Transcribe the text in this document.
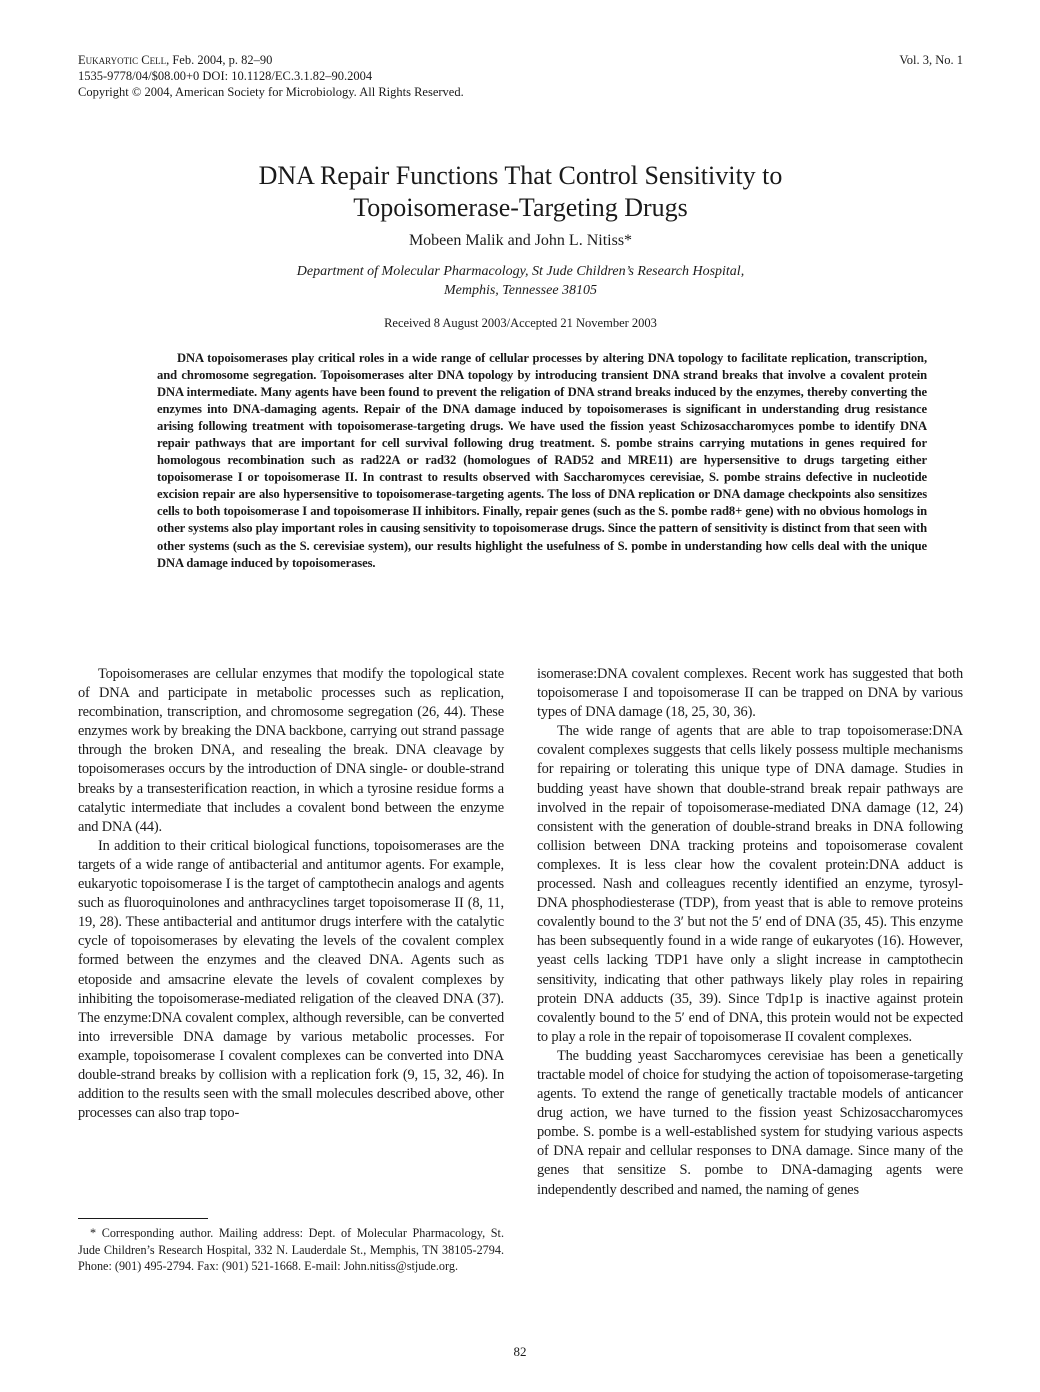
Eukaryotic Cell, Feb. 2004, p. 82–90
1535-9778/04/$08.00+0 DOI: 10.1128/EC.3.1.82–90.2004
Copyright © 2004, American Society for Microbiology. All Rights Reserved.
Vol. 3, No. 1
DNA Repair Functions That Control Sensitivity to
Topoisomerase-Targeting Drugs
Mobeen Malik and John L. Nitiss*
Department of Molecular Pharmacology, St Jude Children’s Research Hospital,
Memphis, Tennessee 38105
Received 8 August 2003/Accepted 21 November 2003

DNA topoisomerases play critical roles in a wide range of cellular processes by altering DNA topology to facilitate replication, transcription, and chromosome segregation. Topoisomerases alter DNA topology by introducing transient DNA strand breaks that involve a covalent protein DNA intermediate. Many agents have been found to prevent the religation of DNA strand breaks induced by the enzymes, thereby converting the enzymes into DNA-damaging agents. Repair of the DNA damage induced by topoisomerases is significant in understanding drug resistance arising following treatment with topoisomerase-targeting drugs. We have used the fission yeast Schizosaccharomyces pombe to identify DNA repair pathways that are important for cell survival following drug treatment. S. pombe strains carrying mutations in genes required for homologous recombination such as rad22A or rad32 (homologues of RAD52 and MRE11) are hypersensitive to drugs targeting either topoisomerase I or topoisomerase II. In contrast to results observed with Saccharomyces cerevisiae, S. pombe strains defective in nucleotide excision repair are also hypersensitive to topoisomerase-targeting agents. The loss of DNA replication or DNA damage checkpoints also sensitizes cells to both topoisomerase I and topoisomerase II inhibitors. Finally, repair genes (such as the S. pombe rad8+ gene) with no obvious homologs in other systems also play important roles in causing sensitivity to topoisomerase drugs. Since the pattern of sensitivity is distinct from that seen with other systems (such as the S. cerevisiae system), our results highlight the usefulness of S. pombe in understanding how cells deal with the unique DNA damage induced by topoisomerases.

Topoisomerases are cellular enzymes that modify the topological state of DNA and participate in metabolic processes such as replication, recombination, transcription, and chromosome segregation (26, 44). These enzymes work by breaking the DNA backbone, carrying out strand passage through the broken DNA, and resealing the break. DNA cleavage by topoisomerases occurs by the introduction of DNA single- or double-strand breaks by a transesterification reaction, in which a tyrosine residue forms a catalytic intermediate that includes a covalent bond between the enzyme and DNA (44).

In addition to their critical biological functions, topoisomerases are the targets of a wide range of antibacterial and antitumor agents. For example, eukaryotic topoisomerase I is the target of camptothecin analogs and agents such as fluoroquinolones and anthracyclines target topoisomerase II (8, 11, 19, 28). These antibacterial and antitumor drugs interfere with the catalytic cycle of topoisomerases by elevating the levels of the covalent complex formed between the enzymes and the cleaved DNA. Agents such as etoposide and amsacrine elevate the levels of covalent complexes by inhibiting the topoisomerase-mediated religation of the cleaved DNA (37). The enzyme:DNA covalent complex, although reversible, can be converted into irreversible DNA damage by various metabolic processes. For example, topoisomerase I covalent complexes can be converted into DNA double-strand breaks by collision with a replication fork (9, 15, 32, 46). In addition to the results seen with the small molecules described above, other processes can also trap topo-

isomerase:DNA covalent complexes. Recent work has suggested that both topoisomerase I and topoisomerase II can be trapped on DNA by various types of DNA damage (18, 25, 30, 36).

The wide range of agents that are able to trap topoisomerase:DNA covalent complexes suggests that cells likely possess multiple mechanisms for repairing or tolerating this unique type of DNA damage. Studies in budding yeast have shown that double-strand break repair pathways are involved in the repair of topoisomerase-mediated DNA damage (12, 24) consistent with the generation of double-strand breaks in DNA following collision between DNA tracking proteins and topoisomerase covalent complexes. It is less clear how the covalent protein:DNA adduct is processed. Nash and colleagues recently identified an enzyme, tyrosyl-DNA phosphodiesterase (TDP), from yeast that is able to remove proteins covalently bound to the 3′ but not the 5′ end of DNA (35, 45). This enzyme has been subsequently found in a wide range of eukaryotes (16). However, yeast cells lacking TDP1 have only a slight increase in camptothecin sensitivity, indicating that other pathways likely play roles in repairing protein DNA adducts (35, 39). Since Tdp1p is inactive against protein covalently bound to the 5′ end of DNA, this protein would not be expected to play a role in the repair of topoisomerase II covalent complexes.

The budding yeast Saccharomyces cerevisiae has been a genetically tractable model of choice for studying the action of topoisomerase-targeting agents. To extend the range of genetically tractable models of anticancer drug action, we have turned to the fission yeast Schizosaccharomyces pombe. S. pombe is a well-established system for studying various aspects of DNA repair and cellular responses to DNA damage. Since many of the genes that sensitize S. pombe to DNA-damaging agents were independently described and named, the naming of genes

* Corresponding author. Mailing address: Dept. of Molecular Pharmacology, St. Jude Children’s Research Hospital, 332 N. Lauderdale St., Memphis, TN 38105-2794. Phone: (901) 495-2794. Fax: (901) 521-1668. E-mail: John.nitiss@stjude.org.

82
